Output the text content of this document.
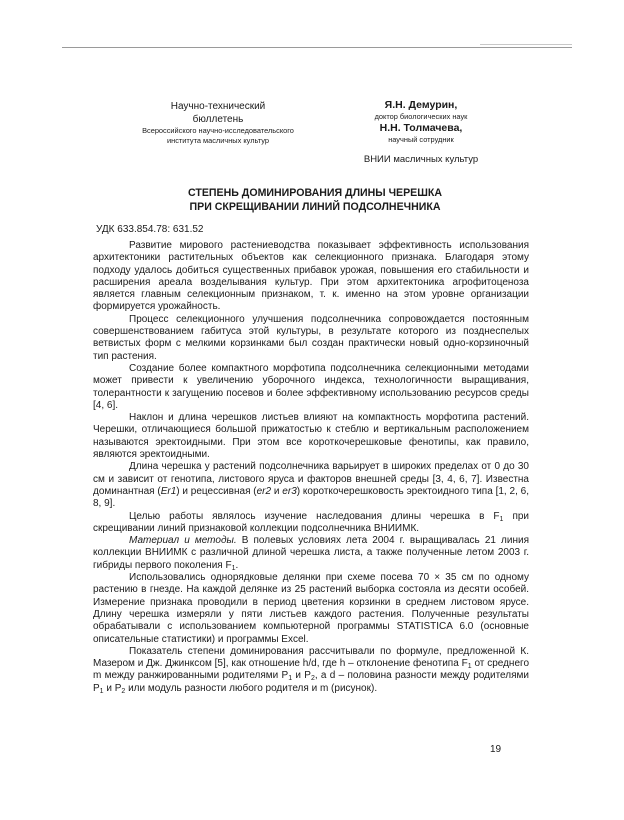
Научно-технический
бюллетень
Всероссийского научно-исследовательского
института масличных культур
Я.Н. Демурин,
доктор биологических наук
Н.Н. Толмачева,
научный сотрудник
ВНИИ масличных культур
СТЕПЕНЬ ДОМИНИРОВАНИЯ ДЛИНЫ ЧЕРЕШКА
ПРИ СКРЕЩИВАНИИ ЛИНИЙ ПОДСОЛНЕЧНИКА
УДК 633.854.78: 631.52

Развитие мирового растениеводства показывает эффективность использования архитектоники растительных объектов как селекционного признака. Благодаря этому подходу удалось добиться существенных прибавок урожая, повышения его стабильности и расширения ареала возделывания культур. При этом архитектоника агрофитоценоза является главным селекционным признаком, т. к. именно на этом уровне организации формируется урожайность.

Процесс селекционного улучшения подсолнечника сопровождается постоянным совершенствованием габитуса этой культуры, в результате которого из позднеспелых ветвистых форм с мелкими корзинками был создан практически новый одно-корзиночный тип растения.

Создание более компактного морфотипа подсолнечника селекционными методами может привести к увеличению уборочного индекса, технологичности выращивания, толерантности к загущению посевов и более эффективному использованию ресурсов среды [4, 6].

Наклон и длина черешков листьев влияют на компактность морфотипа растений. Черешки, отличающиеся большой прижатостью к стеблю и вертикальным расположением называются эректоидными. При этом все короткочерешковые фенотипы, как правило, являются эректоидными.

Длина черешка у растений подсолнечника варьирует в широких пределах от 0 до 30 см и зависит от генотипа, листового яруса и факторов внешней среды [3, 4, 6, 7]. Известна доминантная (Er1) и рецессивная (er2 и er3) короткочерешковость эректоидного типа [1, 2, 6, 8, 9].

Целью работы являлось изучение наследования длины черешка в $F_1$ при скрещивании линий признаковой коллекции подсолнечника ВНИИМК.

Материал и методы. В полевых условиях лета 2004 г. выращивалась 21 линия коллекции ВНИИМК с различной длиной черешка листа, а также полученные летом 2003 г. гибриды первого поколения $F_1$.

Использовались однорядковые делянки при схеме посева 70 × 35 см по одному растению в гнезде. На каждой делянке из 25 растений выборка состояла из десяти особей. Измерение признака проводили в период цветения корзинки в среднем листовом ярусе. Длину черешка измеряли у пяти листьев каждого растения. Полученные результаты обрабатывали с использованием компьютерной программы STATISTICA 6.0 (основные описательные статистики) и программы Excel.

Показатель степени доминирования рассчитывали по формуле, предложенной К. Мазером и Дж. Джинксом [5], как отношение h/d, где h – отклонение фенотипа $F_1$ от среднего m между ранжированными родителями $P_1$ и $P_2$, а d – половина разности между родителями $P_1$ и $P_2$ или модуль разности любого родителя и m (рисунок).

19
